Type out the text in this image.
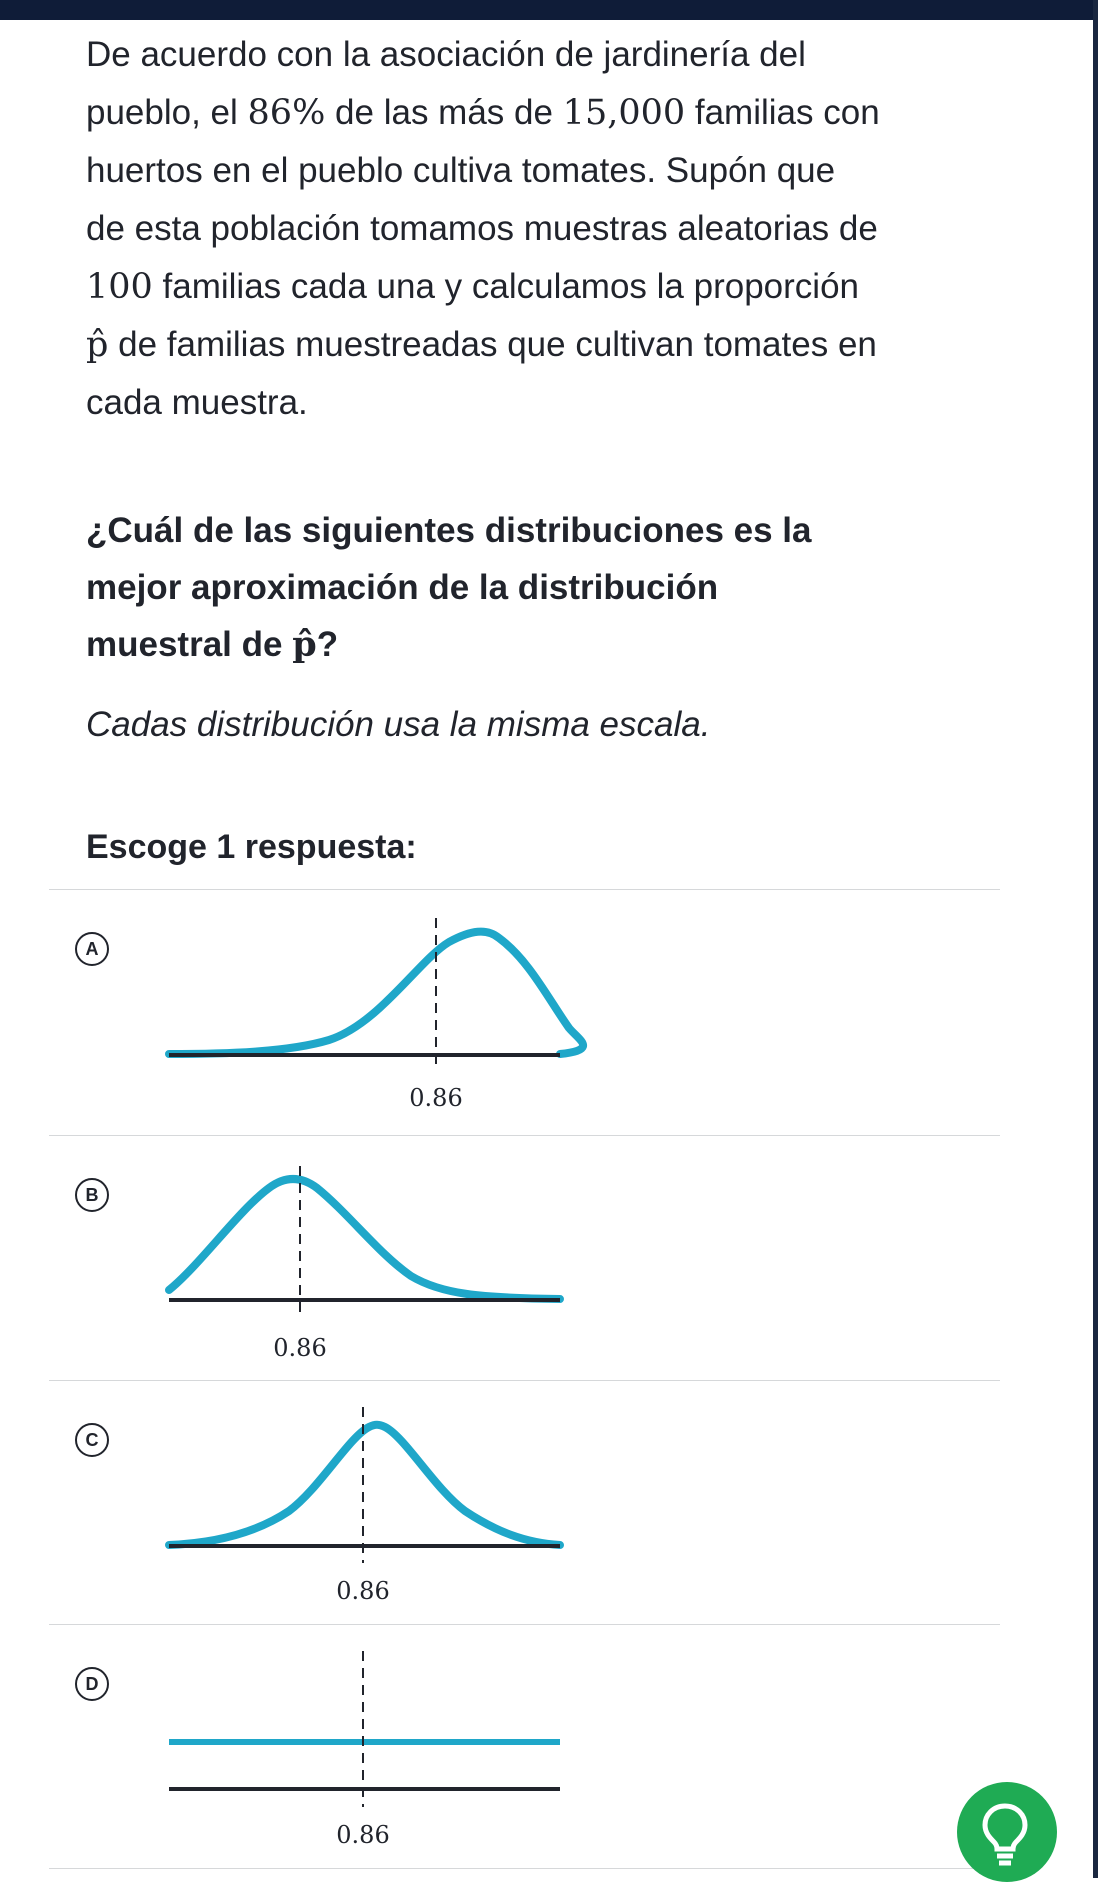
De acuerdo con la asociación de jardinería del

pueblo, el 86% de las más de 15,000 familias con

huertos en el pueblo cultiva tomates. Supón que

de esta población tomamos muestras aleatorias de

100 familias cada una y calculamos la proporción

p̂ de familias muestreadas que cultivan tomates en

cada muestra.

¿Cuál de las siguientes distribuciones es la
mejor aproximación de la distribución
muestral de p̂?

Cadas distribución usa la misma escala.

Escoge 1 respuesta:

A
0.86
B
0.86
C
0.86
D
0.86
